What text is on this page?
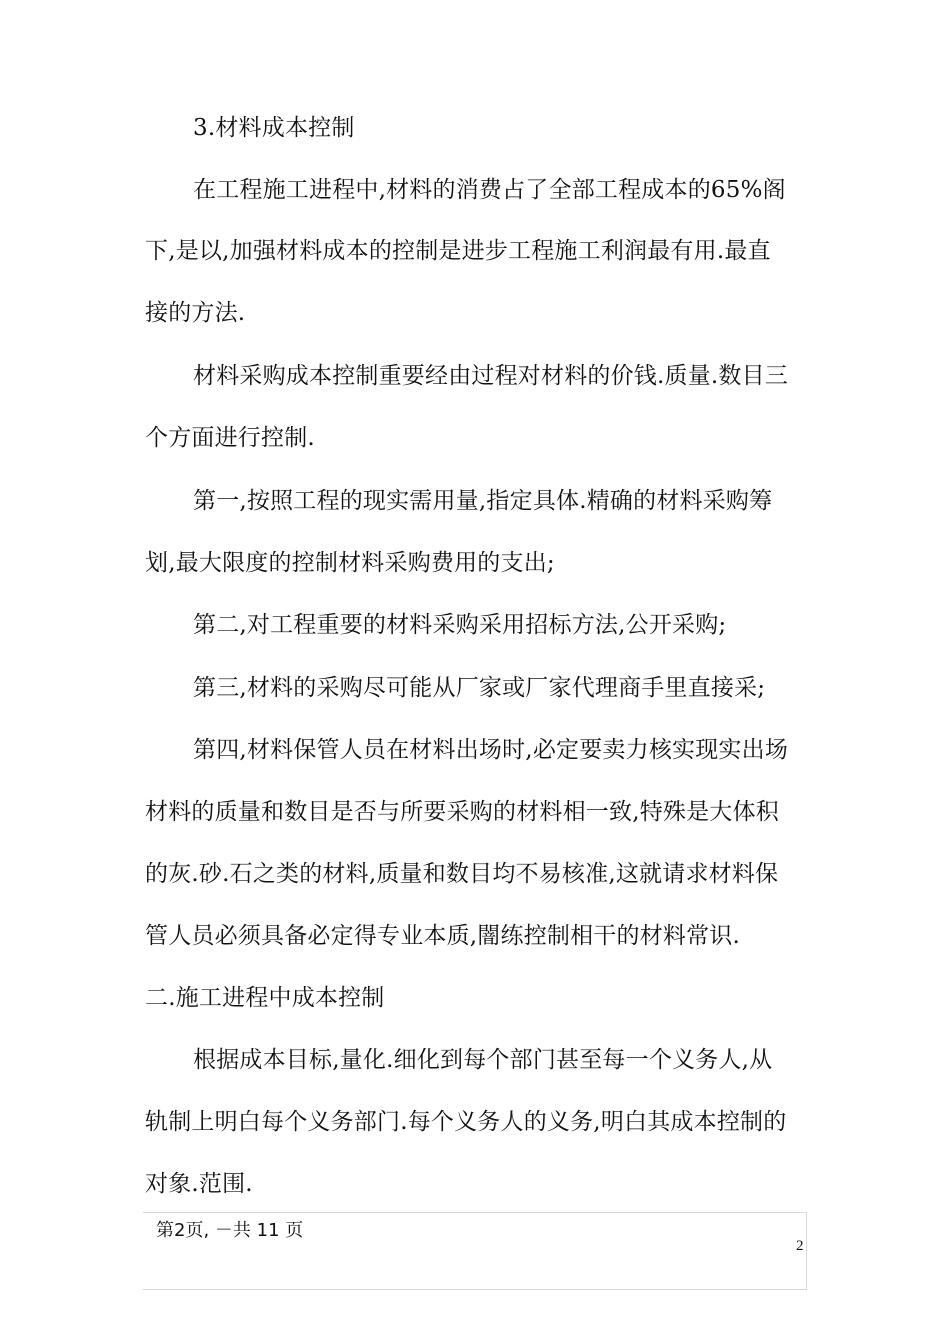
3.材料成本控制
在工程施工进程中,材料的消费占了全部工程成本的65%阁
下,是以,加强材料成本的控制是进步工程施工利润最有用.最直
接的方法.
材料采购成本控制重要经由过程对材料的价钱.质量.数目三
个方面进行控制.
第一,按照工程的现实需用量,指定具体.精确的材料采购筹
划,最大限度的控制材料采购费用的支出;
第二,对工程重要的材料采购采用招标方法,公开采购;
第三,材料的采购尽可能从厂家或厂家代理商手里直接采;
第四,材料保管人员在材料出场时,必定要卖力核实现实出场
材料的质量和数目是否与所要采购的材料相一致,特殊是大体积
的灰.砂.石之类的材料,质量和数目均不易核准,这就请求材料保
管人员必须具备必定得专业本质,闇练控制相干的材料常识.
二.施工进程中成本控制
根据成本目标,量化.细化到每个部门甚至每一个义务人,从
轨制上明白每个义务部门.每个义务人的义务,明白其成本控制的
对象.范围.
第2页, －共 11 页
2
